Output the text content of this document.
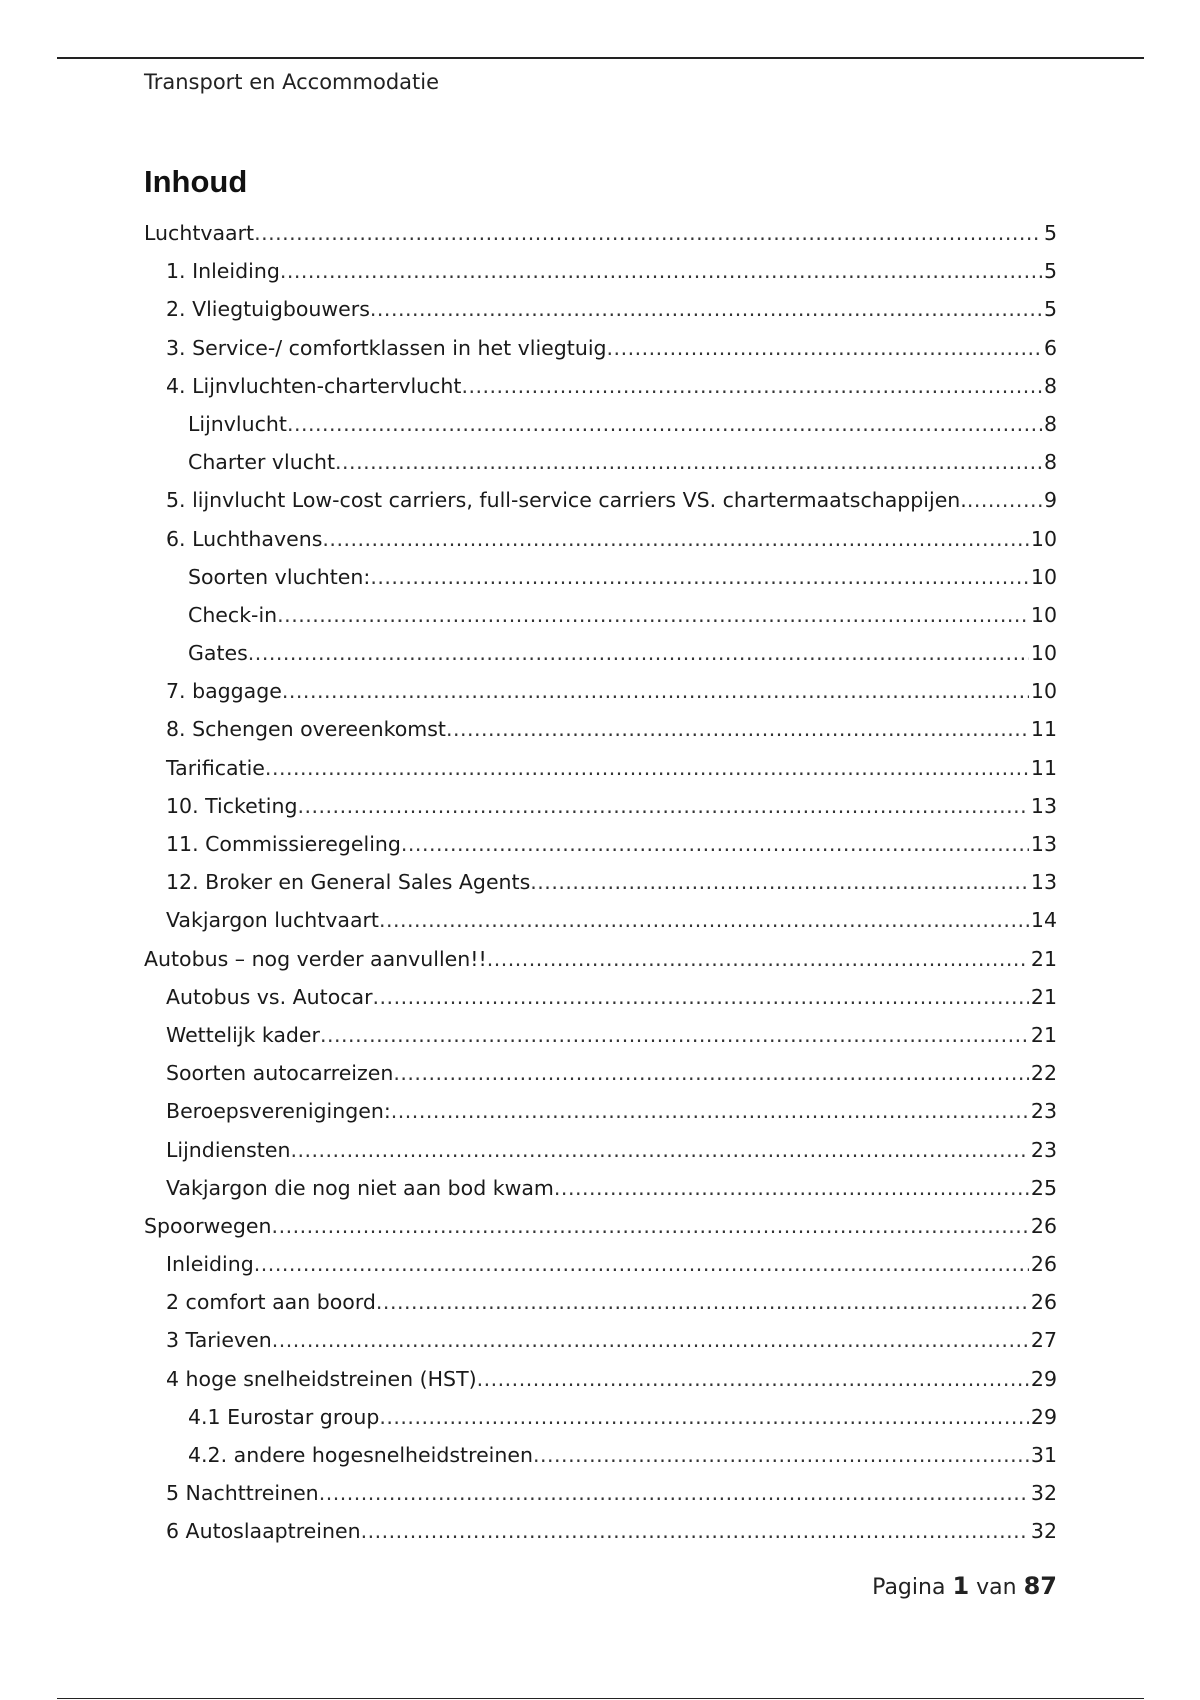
Transport en Accommodatie
Inhoud
Luchtvaart .....	5
1. Inleiding .....	5
2. Vliegtuigbouwers .....	5
3. Service-/ comfortklassen in het vliegtuig .....	6
4. Lijnvluchten-chartervlucht .....	8
Lijnvlucht .....	8
Charter vlucht .....	8
5. lijnvlucht Low-cost carriers, full-service carriers VS. chartermaatschappijen. .....	9
6. Luchthavens .....	10
Soorten vluchten: .....	10
Check-in .....	10
Gates .....	10
7. baggage .....	10
8. Schengen overeenkomst .....	11
Tarificatie .....	11
10. Ticketing .....	13
11. Commissieregeling .....	13
12. Broker en General Sales Agents .....	13
Vakjargon luchtvaart .....	14
Autobus – nog verder aanvullen!! .....	21
Autobus vs. Autocar .....	21
Wettelijk kader .....	21
Soorten autocarreizen .....	22
Beroepsverenigingen: .....	23
Lijndiensten .....	23
Vakjargon die nog niet aan bod kwam .....	25
Spoorwegen .....	26
Inleiding .....	26
2 comfort aan boord .....	26
3 Tarieven .....	27
4 hoge snelheidstreinen (HST) .....	29
4.1 Eurostar group .....	29
4.2. andere hogesnelheidstreinen .....	31
5 Nachttreinen .....	32
6 Autoslaaptreinen .....	32
Pagina 1 van 87
